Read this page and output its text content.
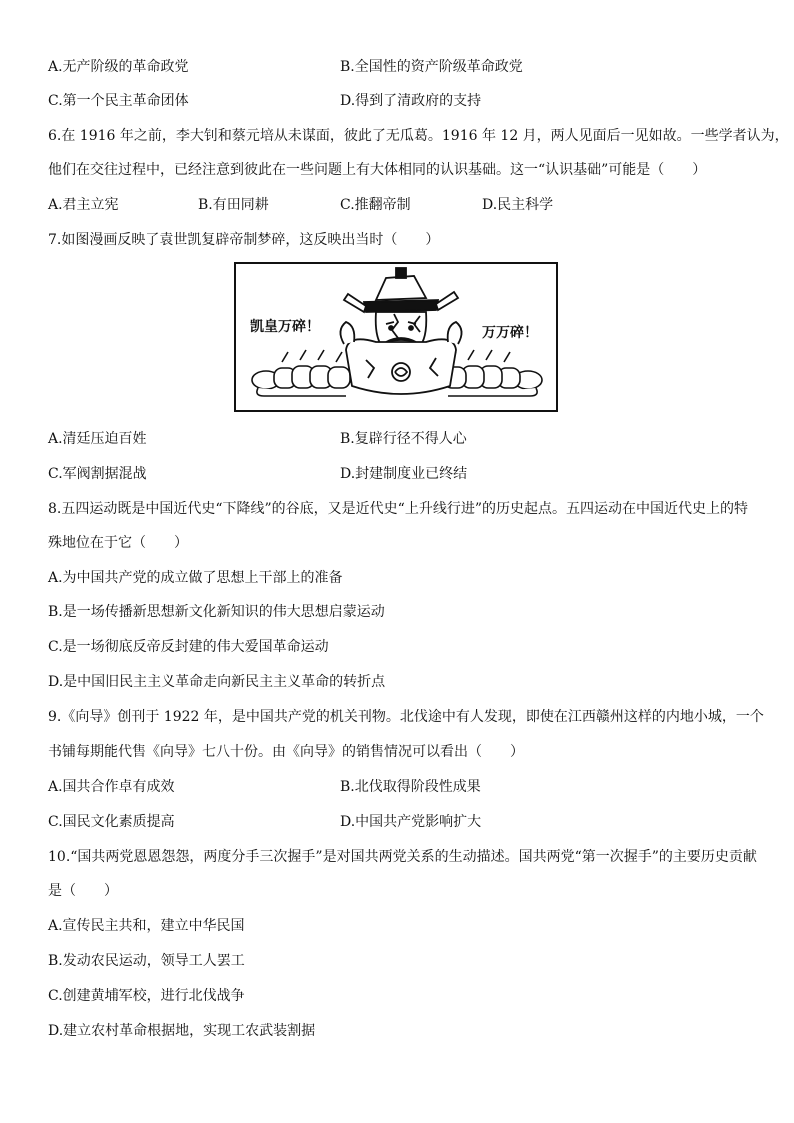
A.无产阶级的革命政党	B.全国性的资产阶级革命政党
C.第一个民主革命团体	D.得到了清政府的支持
6.在 1916 年之前，李大钊和蔡元培从未谋面，彼此了无瓜葛。1916 年 12 月，两人见面后一见如故。一些学者认为，
他们在交往过程中，已经注意到彼此在一些问题上有大体相同的认识基础。这一“认识基础”可能是（　　）
A.君主立宪	B.有田同耕	C.推翻帝制	D.民主科学
7.如图漫画反映了袁世凯复辟帝制梦碎，这反映出当时（　　）
凯皇万碎！	万万碎！
A.清廷压迫百姓	B.复辟行径不得人心
C.军阀割据混战	D.封建制度业已终结
8.五四运动既是中国近代史“下降线”的谷底，又是近代史“上升线行进”的历史起点。五四运动在中国近代史上的特
殊地位在于它（　　）
A.为中国共产党的成立做了思想上干部上的准备
B.是一场传播新思想新文化新知识的伟大思想启蒙运动
C.是一场彻底反帝反封建的伟大爱国革命运动
D.是中国旧民主主义革命走向新民主主义革命的转折点
9.《向导》创刊于 1922 年，是中国共产党的机关刊物。北伐途中有人发现，即使在江西赣州这样的内地小城，一个
书铺每期能代售《向导》七八十份。由《向导》的销售情况可以看出（　　）
A.国共合作卓有成效	B.北伐取得阶段性成果
C.国民文化素质提高	D.中国共产党影响扩大
10.“国共两党恩恩怨怨，两度分手三次握手”是对国共两党关系的生动描述。国共两党“第一次握手”的主要历史贡献
是（　　）
A.宣传民主共和，建立中华民国
B.发动农民运动，领导工人罢工
C.创建黄埔军校，进行北伐战争
D.建立农村革命根据地，实现工农武装割据
